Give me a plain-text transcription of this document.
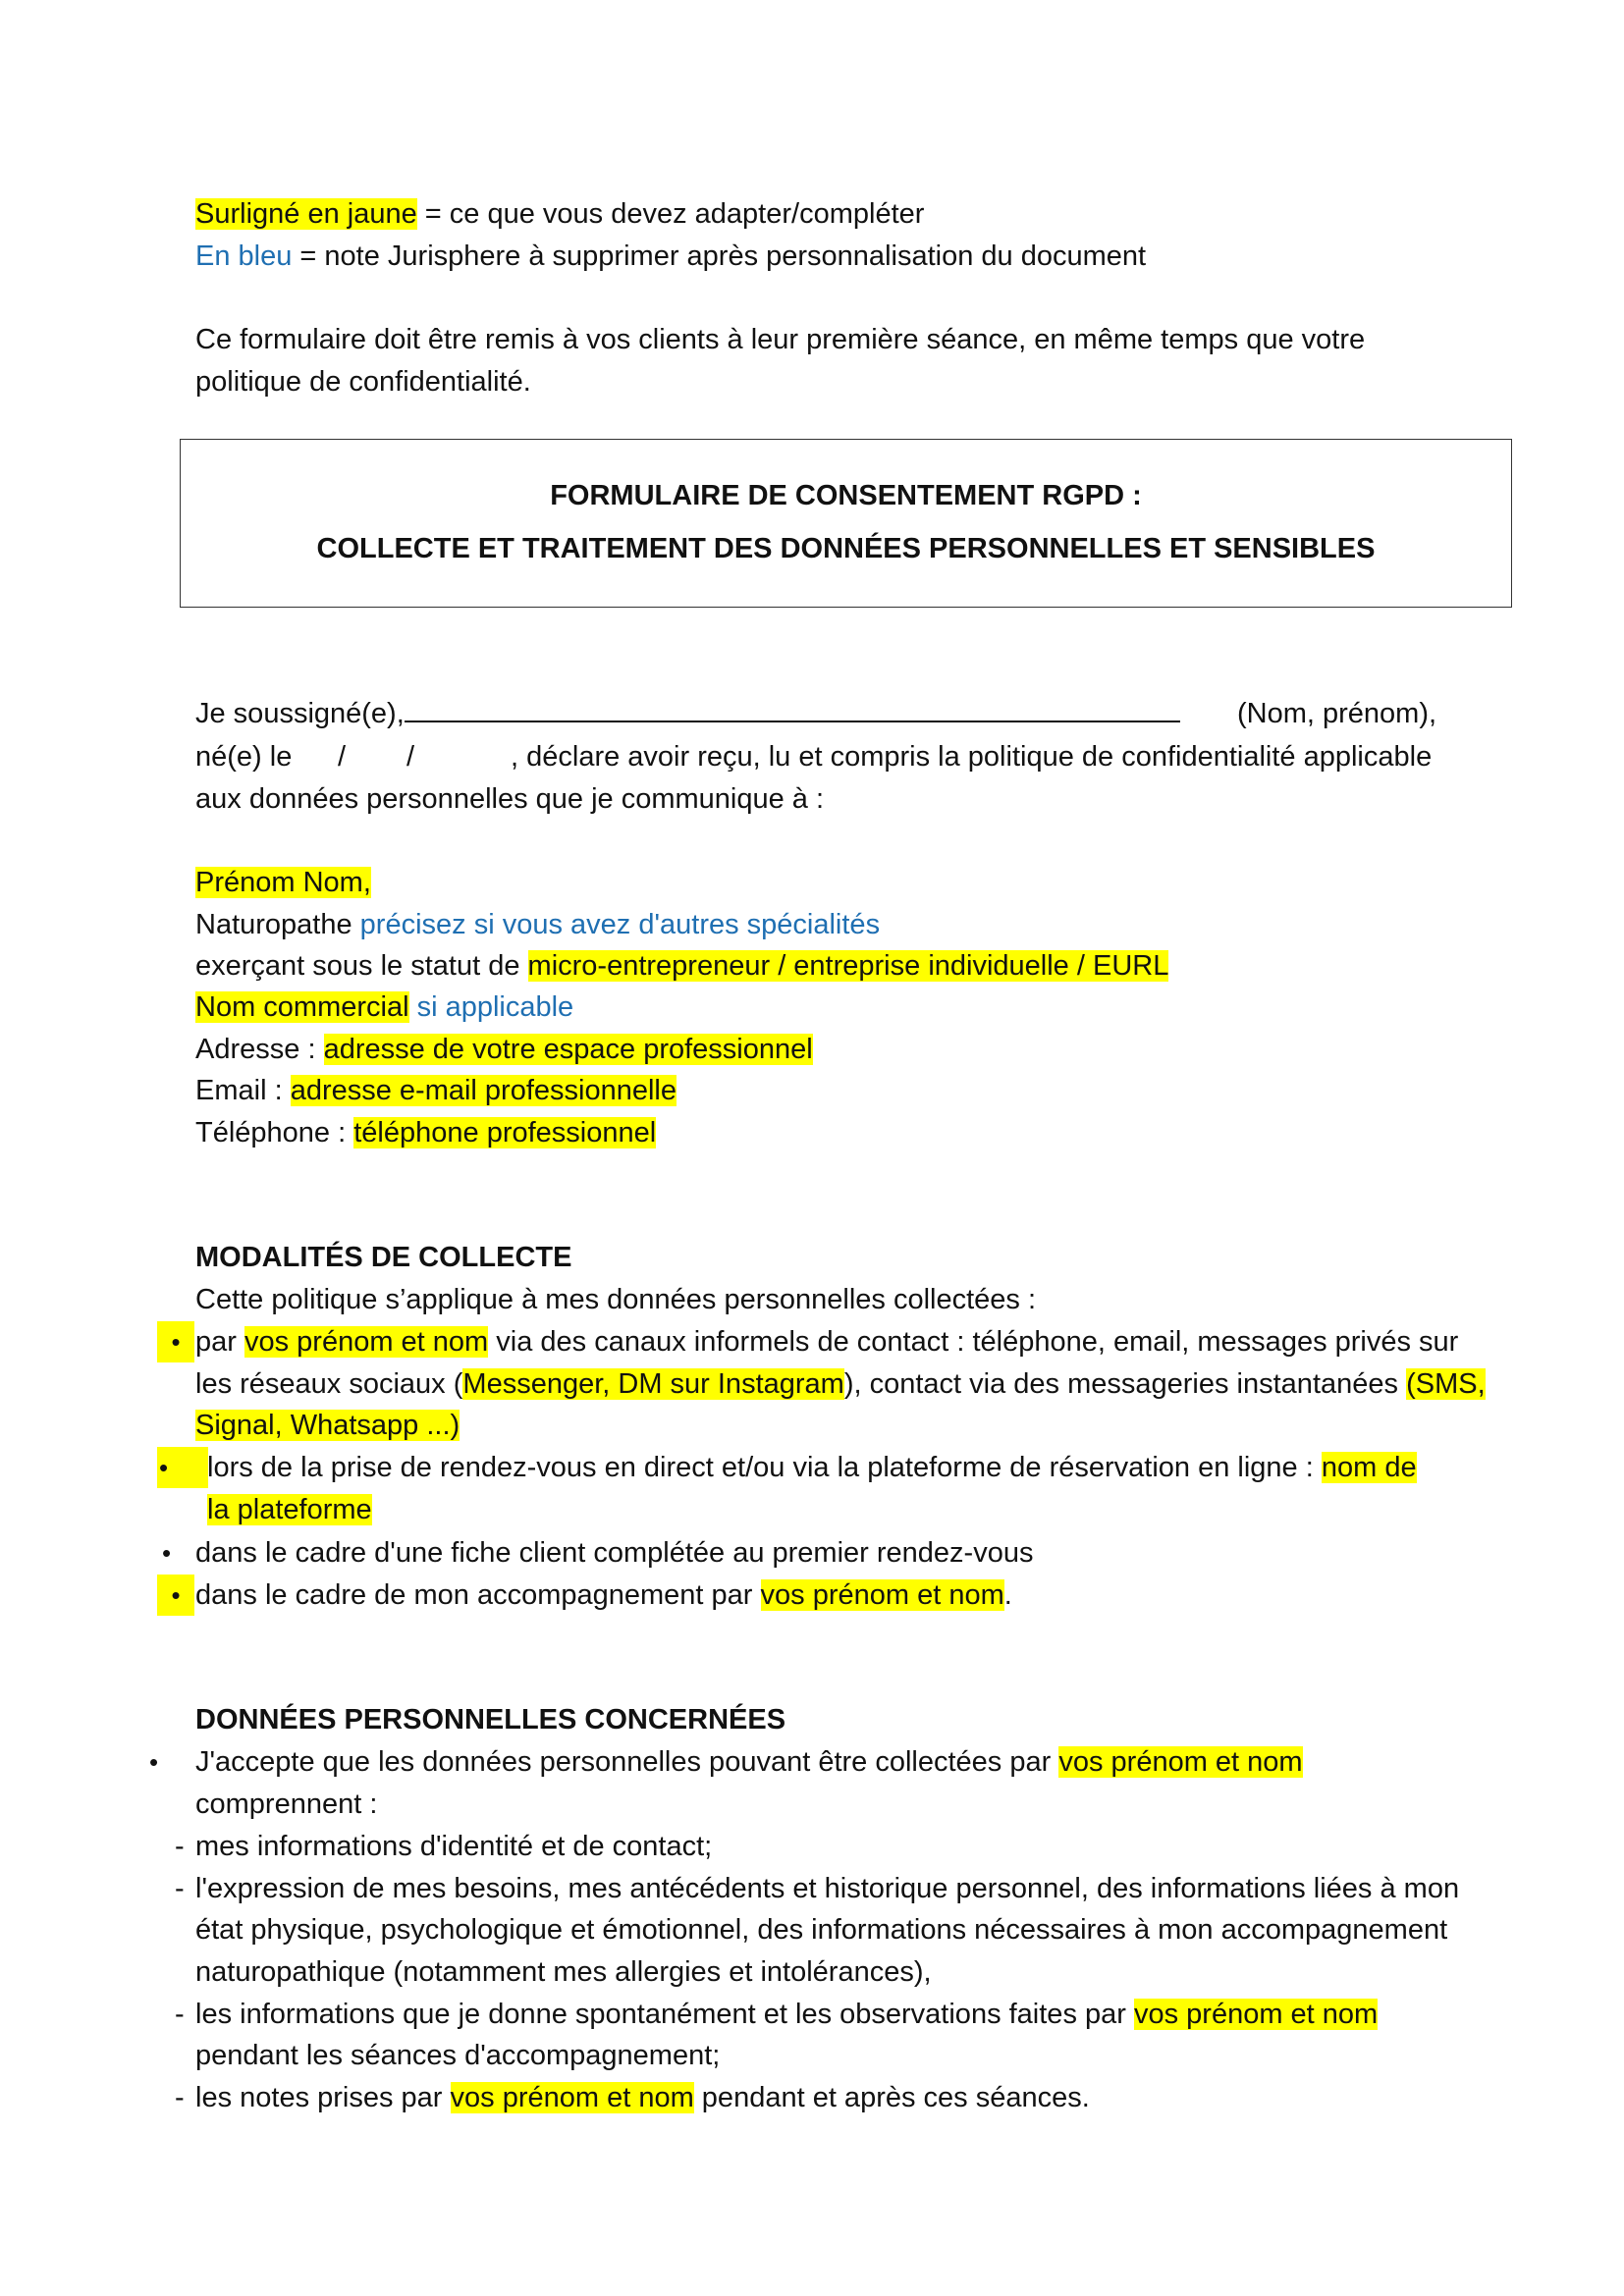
Surligné en jaune = ce que vous devez adapter/compléter
En bleu = note Jurisphere à supprimer après personnalisation du document
Ce formulaire doit être remis à vos clients à leur première séance, en même temps que votre
politique de confidentialité.
FORMULAIRE DE CONSENTEMENT RGPD :
COLLECTE ET TRAITEMENT DES DONNÉES PERSONNELLES ET SENSIBLES
Je soussigné(e),	(Nom, prénom),
né(e) le / /	, déclare avoir reçu, lu et compris la politique de confidentialité applicable
aux données personnelles que je communique à :
Prénom Nom,
Naturopathe précisez si vous avez d'autres spécialités
exerçant sous le statut de micro-entrepreneur / entreprise individuelle / EURL
Nom commercial si applicable
Adresse : adresse de votre espace professionnel
Email : adresse e-mail professionnelle
Téléphone : téléphone professionnel
MODALITÉS DE COLLECTE
Cette politique s’applique à mes données personnelles collectées :
• par vos prénom et nom via des canaux informels de contact : téléphone, email, messages privés sur
les réseaux sociaux (Messenger, DM sur Instagram), contact via des messageries instantanées (SMS,
Signal, Whatsapp ...)
•	lors de la prise de rendez-vous en direct et/ou via la plateforme de réservation en ligne : nom de
la plateforme
• dans le cadre d'une fiche client complétée au premier rendez-vous
• dans le cadre de mon accompagnement par vos prénom et nom.
DONNÉES PERSONNELLES CONCERNÉES
• J'accepte que les données personnelles pouvant être collectées par vos prénom et nom
comprennent :
- mes informations d'identité et de contact;
- l'expression de mes besoins, mes antécédents et historique personnel, des informations liées à mon
état physique, psychologique et émotionnel, des informations nécessaires à mon accompagnement
naturopathique (notamment mes allergies et intolérances),
- les informations que je donne spontanément et les observations faites par vos prénom et nom
pendant les séances d'accompagnement;
- les notes prises par vos prénom et nom pendant et après ces séances.
